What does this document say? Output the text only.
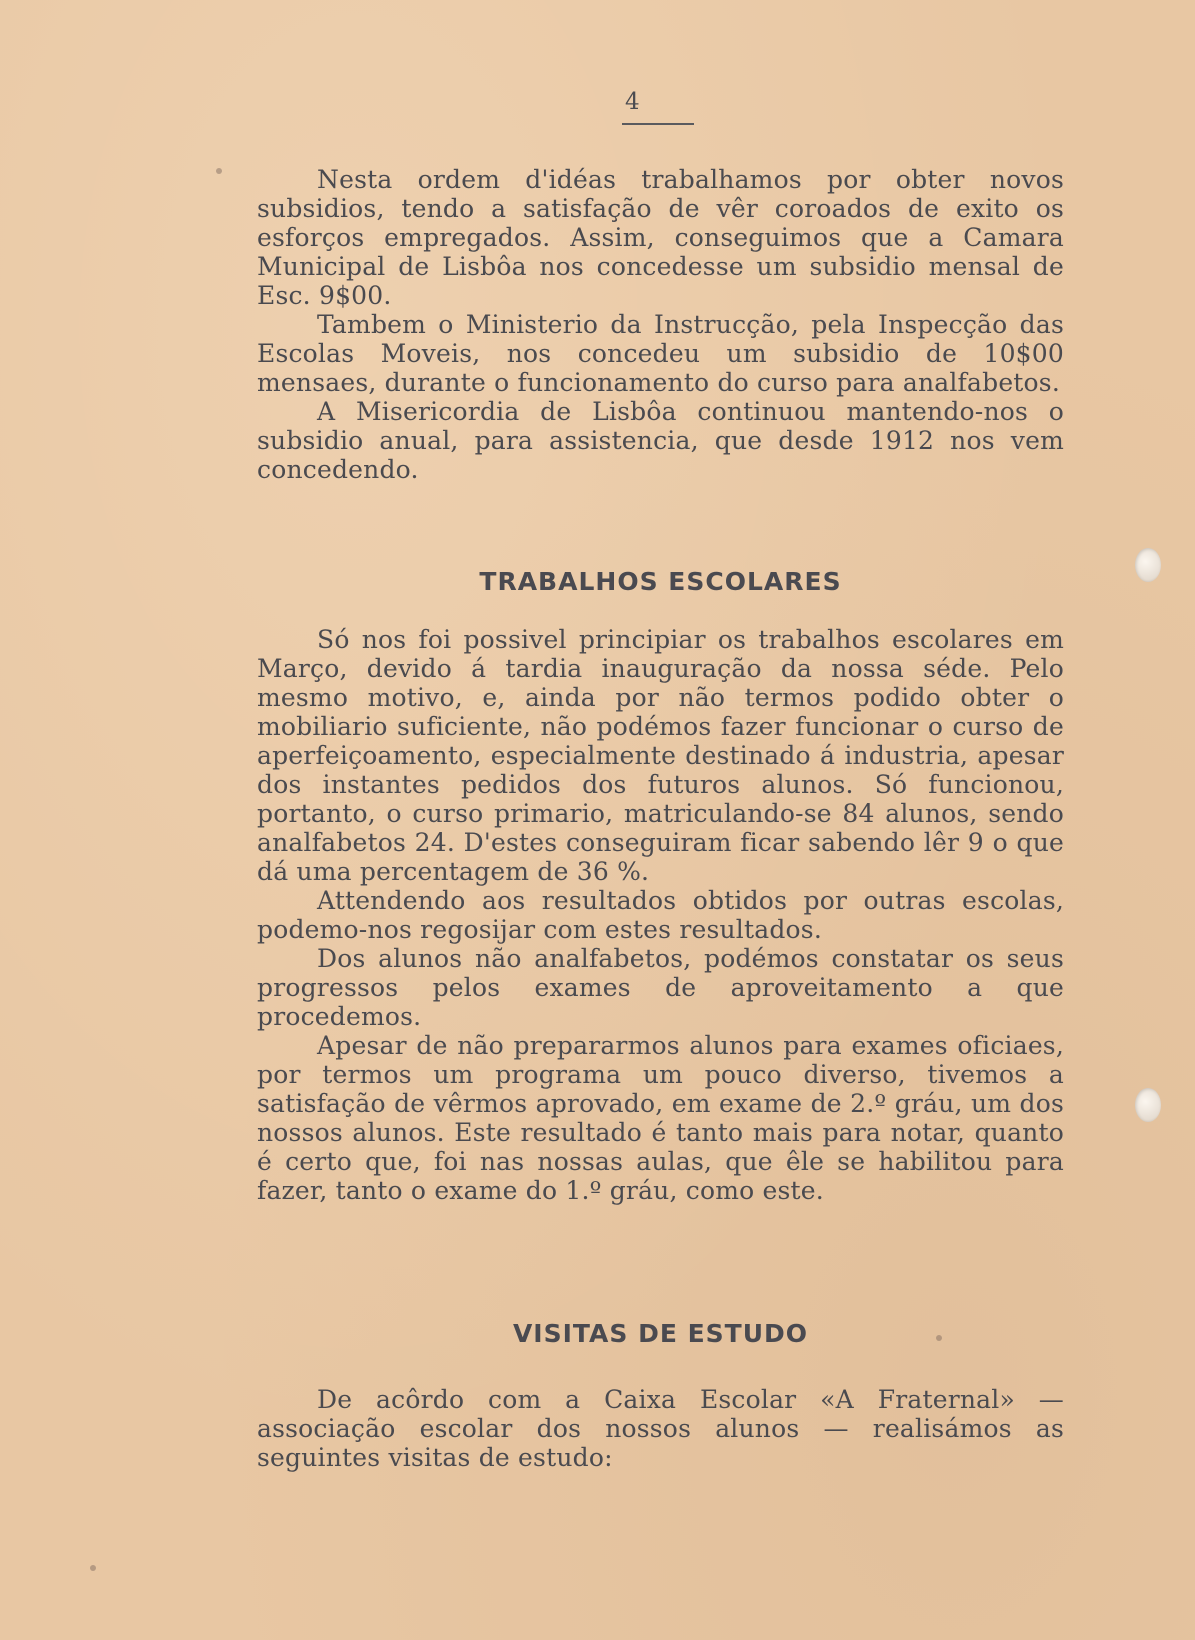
4

Nesta ordem d'idéas trabalhamos por obter novos subsidios, tendo a satisfação de vêr coroados de exito os esforços empregados. Assim, conseguimos que a Camara Municipal de Lisbôa nos concedesse um subsidio mensal de Esc. 9$00.

Tambem o Ministerio da Instrucção, pela Inspecção das Escolas Moveis, nos concedeu um subsidio de 10$00 mensaes, durante o funcionamento do curso para analfabetos.

A Misericordia de Lisbôa continuou mantendo-nos o subsidio anual, para assistencia, que desde 1912 nos vem concedendo.

TRABALHOS ESCOLARES

Só nos foi possivel principiar os trabalhos escolares em Março, devido á tardia inauguração da nossa séde. Pelo mesmo motivo, e, ainda por não termos podido obter o mobiliario suficiente, não podémos fazer funcionar o curso de aperfeiçoamento, especialmente destinado á industria, apesar dos instantes pedidos dos futuros alunos. Só funcionou, portanto, o curso primario, matriculando-se 84 alunos, sendo analfabetos 24. D'estes conseguiram ficar sabendo lêr 9 o que dá uma percentagem de 36 %.

Attendendo aos resultados obtidos por outras escolas, podemo-nos regosijar com estes resultados.

Dos alunos não analfabetos, podémos constatar os seus progressos pelos exames de aproveitamento a que procedemos.

Apesar de não prepararmos alunos para exames oficiaes, por termos um programa um pouco diverso, tivemos a satisfação de vêrmos aprovado, em exame de 2.º gráu, um dos nossos alunos. Este resultado é tanto mais para notar, quanto é certo que, foi nas nossas aulas, que êle se habilitou para fazer, tanto o exame do 1.º gráu, como este.

VISITAS DE ESTUDO

De acôrdo com a Caixa Escolar «A Fraternal» — associação escolar dos nossos alunos — realisámos as seguintes visitas de estudo:
